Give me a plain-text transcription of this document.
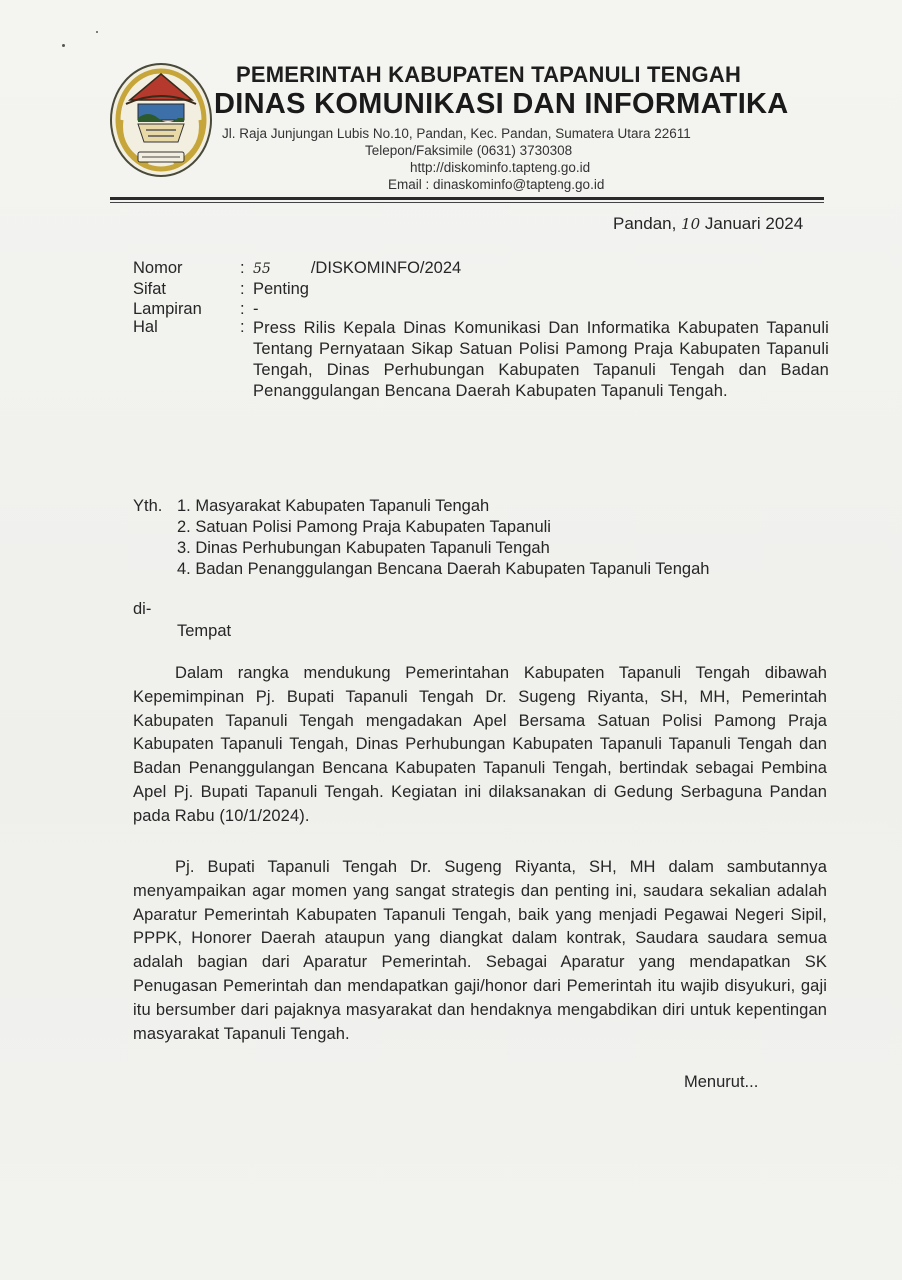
PEMERINTAH KABUPATEN TAPANULI TENGAH
DINAS KOMUNIKASI DAN INFORMATIKA
Jl. Raja Junjungan Lubis No.10, Pandan, Kec. Pandan, Sumatera Utara 22611
Telepon/Faksimile (0631) 3730308
http://diskominfo.tapteng.go.id
Email : dinaskominfo@tapteng.go.id
Pandan, 10 Januari 2024
Nomor	: 55 /DISKOMINFO/2024
Sifat	: Penting
Lampiran : -
Hal	: Press Rilis Kepala Dinas Komunikasi Dan Informatika Kabupaten Tapanuli Tentang Pernyataan Sikap Satuan Polisi Pamong Praja Kabupaten Tapanuli Tengah, Dinas Perhubungan Kabupaten Tapanuli Tengah dan Badan Penanggulangan Bencana Daerah Kabupaten Tapanuli Tengah.
Yth. 1. Masyarakat Kabupaten Tapanuli Tengah
2. Satuan Polisi Pamong Praja Kabupaten Tapanuli
3. Dinas Perhubungan Kabupaten Tapanuli Tengah
4. Badan Penanggulangan Bencana Daerah Kabupaten Tapanuli Tengah
di-
Tempat
Dalam rangka mendukung Pemerintahan Kabupaten Tapanuli Tengah dibawah Kepemimpinan Pj. Bupati Tapanuli Tengah Dr. Sugeng Riyanta, SH, MH, Pemerintah Kabupaten Tapanuli Tengah mengadakan Apel Bersama Satuan Polisi Pamong Praja Kabupaten Tapanuli Tengah, Dinas Perhubungan Kabupaten Tapanuli Tapanuli Tengah dan Badan Penanggulangan Bencana Kabupaten Tapanuli Tengah, bertindak sebagai Pembina Apel Pj. Bupati Tapanuli Tengah. Kegiatan ini dilaksanakan di Gedung Serbaguna Pandan pada Rabu (10/1/2024).
Pj. Bupati Tapanuli Tengah Dr. Sugeng Riyanta, SH, MH dalam sambutannya menyampaikan agar momen yang sangat strategis dan penting ini, saudara sekalian adalah Aparatur Pemerintah Kabupaten Tapanuli Tengah, baik yang menjadi Pegawai Negeri Sipil, PPPK, Honorer Daerah ataupun yang diangkat dalam kontrak, Saudara saudara semua adalah bagian dari Aparatur Pemerintah. Sebagai Aparatur yang mendapatkan SK Penugasan Pemerintah dan mendapatkan gaji/honor dari Pemerintah itu wajib disyukuri, gaji itu bersumber dari pajaknya masyarakat dan hendaknya mengabdikan diri untuk kepentingan masyarakat Tapanuli Tengah.
Menurut...
